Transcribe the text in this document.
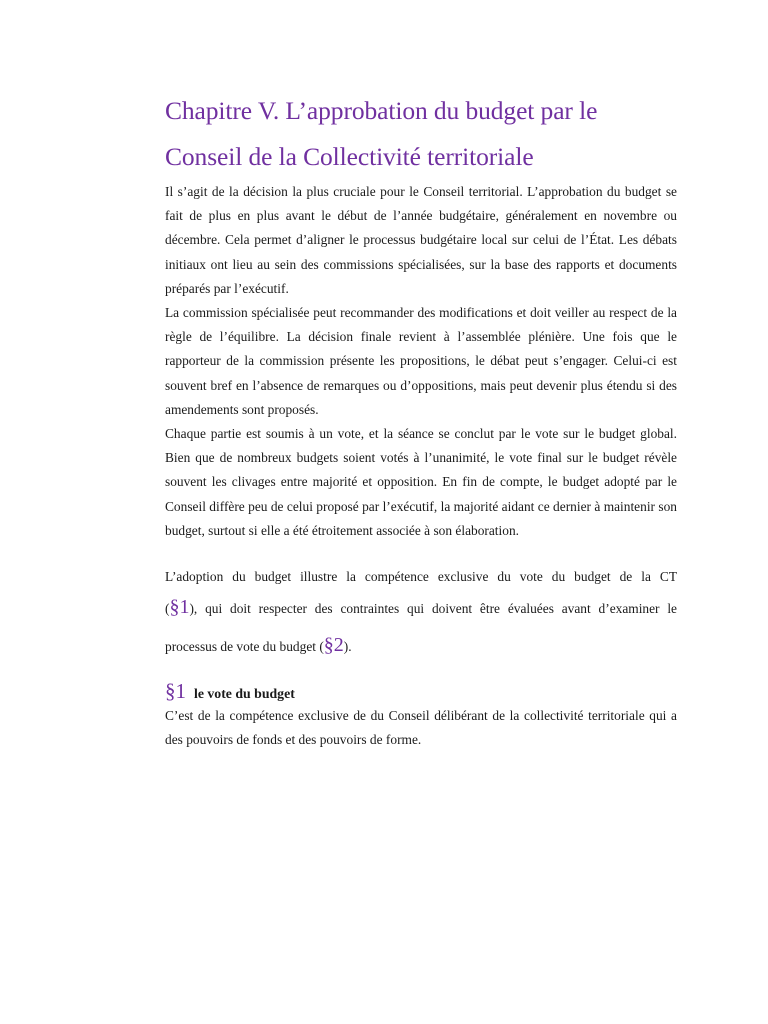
Chapitre V. L’approbation du budget par le
Conseil de la Collectivité territoriale

Il s’agit de la décision la plus cruciale pour le Conseil territorial. L’approbation du budget se fait de plus en plus avant le début de l’année budgétaire, généralement en novembre ou décembre. Cela permet d’aligner le processus budgétaire local sur celui de l’État. Les débats initiaux ont lieu au sein des commissions spécialisées, sur la base des rapports et documents préparés par l’exécutif.

La commission spécialisée peut recommander des modifications et doit veiller au respect de la règle de l’équilibre. La décision finale revient à l’assemblée plénière. Une fois que le rapporteur de la commission présente les propositions, le débat peut s’engager. Celui-ci est souvent bref en l’absence de remarques ou d’oppositions, mais peut devenir plus étendu si des amendements sont proposés.

Chaque partie est soumis à un vote, et la séance se conclut par le vote sur le budget global. Bien que de nombreux budgets soient votés à l’unanimité, le vote final sur le budget révèle souvent les clivages entre majorité et opposition. En fin de compte, le budget adopté par le Conseil diffère peu de celui proposé par l’exécutif, la majorité aidant ce dernier à maintenir son budget, surtout si elle a été étroitement associée à son élaboration.

L’adoption du budget illustre la compétence exclusive du vote du budget de la CT
(§1), qui doit respecter des contraintes qui doivent être évaluées avant d’examiner le
processus de vote du budget (§2).
§1 le vote du budget

C’est de la compétence exclusive de du Conseil délibérant de la collectivité territoriale qui a des pouvoirs de fonds et des pouvoirs de forme.
